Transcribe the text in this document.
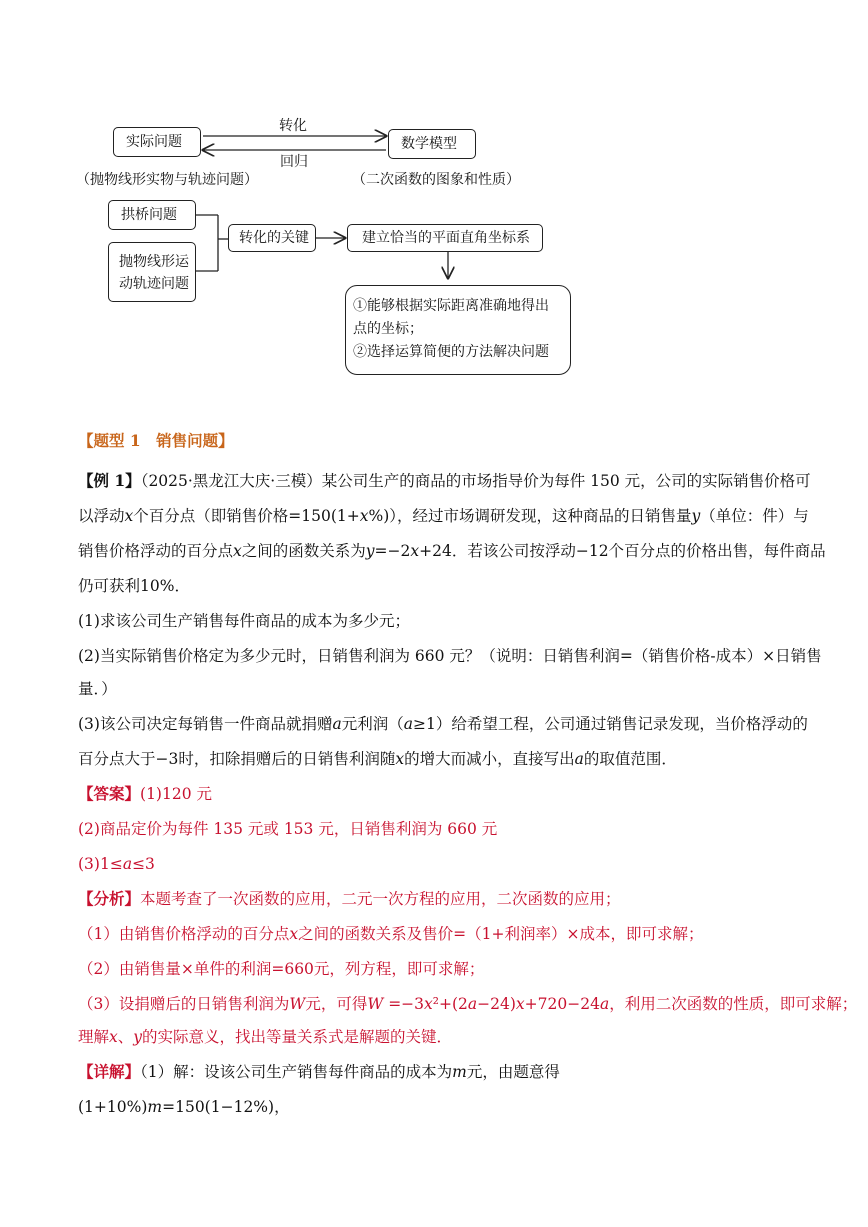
实际问题	数学模型
转化
回归
（抛物线形实物与轨迹问题）	（二次函数的图象和性质）
拱桥问题
抛物线形运
动轨迹问题
转化的关键	建立恰当的平面直角坐标系
①能够根据实际距离准确地得出
点的坐标；
②选择运算简便的方法解决问题
【题型 1　销售问题】
【例 1】（2025·黑龙江大庆·三模）某公司生产的商品的市场指导价为每件 150 元，公司的实际销售价格可
以浮动x个百分点（即销售价格=150(1+x%)），经过市场调研发现，这种商品的日销售量y（单位：件）与
销售价格浮动的百分点x之间的函数关系为y=−2x+24．若该公司按浮动−12个百分点的价格出售，每件商品
仍可获利10%．
(1)求该公司生产销售每件商品的成本为多少元；
(2)当实际销售价格定为多少元时，日销售利润为 660 元？（说明：日销售利润=（销售价格-成本）×日销售
量．）
(3)该公司决定每销售一件商品就捐赠a元利润（a≥1）给希望工程，公司通过销售记录发现，当价格浮动的
百分点大于−3时，扣除捐赠后的日销售利润随x的增大而减小，直接写出a的取值范围．
【答案】(1)120 元
(2)商品定价为每件 135 元或 153 元，日销售利润为 660 元
(3)1≤a≤3
【分析】本题考查了一次函数的应用，二元一次方程的应用，二次函数的应用；
（1）由销售价格浮动的百分点x之间的函数关系及售价=（1+利润率）×成本，即可求解；
（2）由销售量×单件的利润=660元，列方程，即可求解；
（3）设捐赠后的日销售利润为W元，可得W =−3x²+(2a−24)x+720−24a，利用二次函数的性质，即可求解；
理解x、y的实际意义，找出等量关系式是解题的关键．
【详解】（1）解：设该公司生产销售每件商品的成本为m元，由题意得
(1+10%)m=150(1−12%)，
